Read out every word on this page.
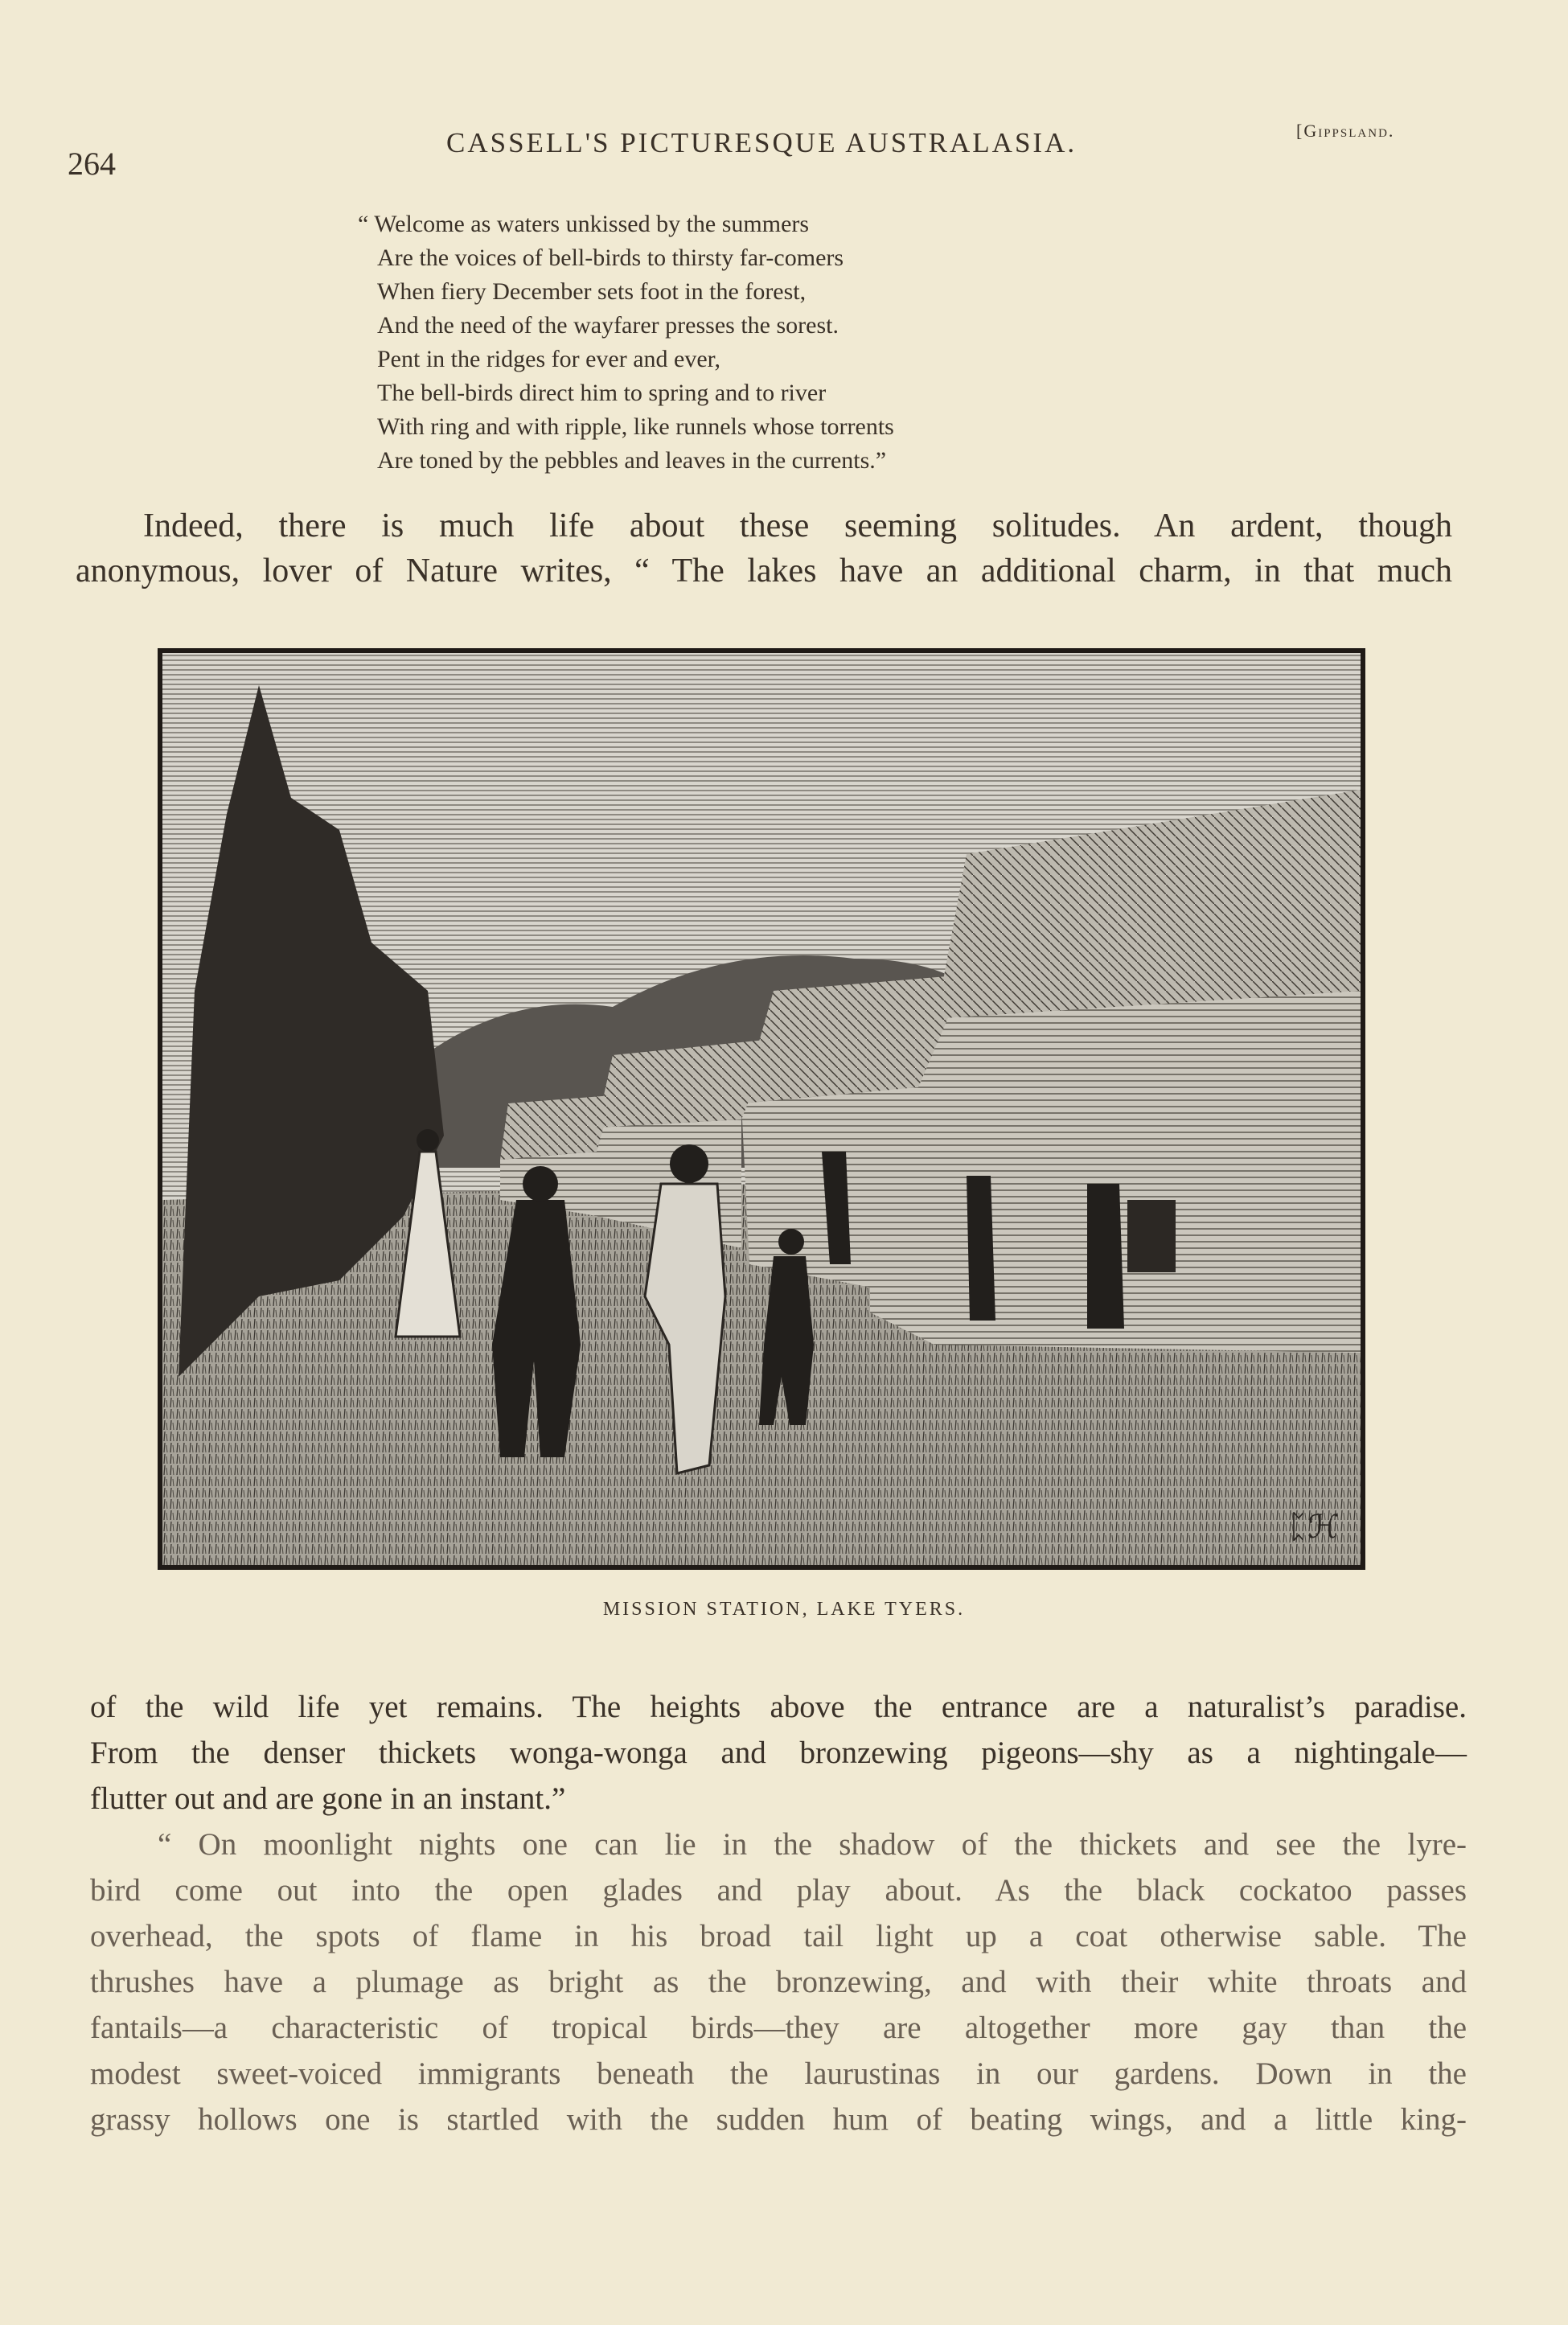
264
CASSELL'S PICTURESQUE AUSTRALASIA.	[Gippsland.
“ Welcome as waters unkissed by the summers
Are the voices of bell-birds to thirsty far-comers
When fiery December sets foot in the forest,
And the need of the wayfarer presses the sorest.
Pent in the ridges for ever and ever,
The bell-birds direct him to spring and to river
With ring and with ripple, like runnels whose torrents
Are toned by the pebbles and leaves in the currents.”
Indeed, there is much life about these seeming solitudes. An ardent, though
anonymous, lover of Nature writes, “ The lakes have an additional charm, in that much
ᛈℋ
MISSION STATION, LAKE TYERS.
of the wild life yet remains. The heights above the entrance are a naturalist’s paradise.
From the denser thickets wonga-wonga and bronzewing pigeons—shy as a nightingale—
flutter out and are gone in an instant.”
“ On moonlight nights one can lie in the shadow of the thickets and see the lyre-
bird come out into the open glades and play about. As the black cockatoo passes
overhead, the spots of flame in his broad tail light up a coat otherwise sable. The
thrushes have a plumage as bright as the bronzewing, and with their white throats and
fantails—a characteristic of tropical birds—they are altogether more gay than the
modest sweet-voiced immigrants beneath the laurustinas in our gardens. Down in the
grassy hollows one is startled with the sudden hum of beating wings, and a little king-
